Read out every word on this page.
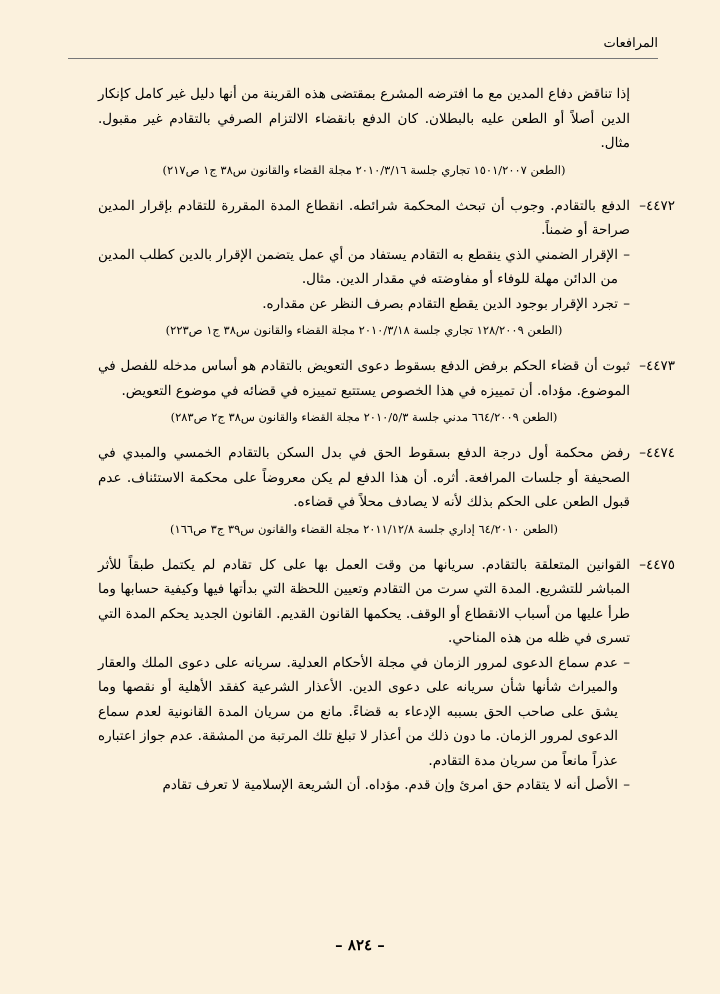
المرافعات

إذا تناقض دفاع المدين مع ما افترضه المشرع بمقتضى هذه القرينة من أنها دليل غير كامل كإنكار الدين أصلاً أو الطعن عليه بالبطلان. كان الدفع بانقضاء الالتزام الصرفي بالتقادم غير مقبول. مثال.

(الطعن ١٥٠١/٢٠٠٧ تجاري جلسة ٢٠١٠/٣/١٦ مجلة القضاء والقانون س٣٨ ج١ ص٢١٧)
٤٤٧٢–

الدفع بالتقادم. وجوب أن تبحث المحكمة شرائطه. انقطاع المدة المقررة للتقادم بإقرار المدين صراحة أو ضمناً.

–
الإقرار الضمني الذي ينقطع به التقادم يستفاد من أي عمل يتضمن الإقرار بالدين كطلب المدين من الدائن مهلة للوفاء أو مفاوضته في مقدار الدين. مثال.
–
تجرد الإقرار بوجود الدين يقطع التقادم بصرف النظر عن مقداره.
(الطعن ١٢٨/٢٠٠٩ تجاري جلسة ٢٠١٠/٣/١٨ مجلة القضاء والقانون س٣٨ ج١ ص٢٢٣)
٤٤٧٣–

ثبوت أن قضاء الحكم برفض الدفع بسقوط دعوى التعويض بالتقادم هو أساس مدخله للفصل في الموضوع. مؤداه. أن تمييزه في هذا الخصوص يستتبع تمييزه في قضائه في موضوع التعويض.

(الطعن ٦٦٤/٢٠٠٩ مدني جلسة ٢٠١٠/٥/٣ مجلة القضاء والقانون س٣٨ ج٢ ص٢٨٣)
٤٤٧٤–

رفض محكمة أول درجة الدفع بسقوط الحق في بدل السكن بالتقادم الخمسي والمبدي في الصحيفة أو جلسات المرافعة. أثره. أن هذا الدفع لم يكن معروضاً على محكمة الاستئناف. عدم قبول الطعن على الحكم بذلك لأنه لا يصادف محلاً في قضاءه.

(الطعن ٦٤/٢٠١٠ إداري جلسة ٢٠١١/١٢/٨ مجلة القضاء والقانون س٣٩ ج٣ ص١٦٦)
٤٤٧٥–

القوانين المتعلقة بالتقادم. سريانها من وقت العمل بها على كل تقادم لم يكتمل طبقاً للأثر المباشر للتشريع. المدة التي سرت من التقادم وتعيين اللحظة التي بدأتها فيها وكيفية حسابها وما طرأ عليها من أسباب الانقطاع أو الوقف. يحكمها القانون القديم. القانون الجديد يحكم المدة التي تسرى في ظله من هذه المناحي.

–
عدم سماع الدعوى لمرور الزمان في مجلة الأحكام العدلية. سريانه على دعوى الملك والعقار والميراث شأنها شأن سريانه على دعوى الدين. الأعذار الشرعية كفقد الأهلية أو نقصها وما يشق على صاحب الحق بسببه الإدعاء به قضاءً. مانع من سريان المدة القانونية لعدم سماع الدعوى لمرور الزمان. ما دون ذلك من أعذار لا تبلغ تلك المرتبة من المشقة. عدم جواز اعتباره عذراً مانعاً من سريان مدة التقادم.
–
الأصل أنه لا يتقادم حق امرئ وإن قدم. مؤداه. أن الشريعة الإسلامية لا تعرف تقادم
– ٨٢٤ –
